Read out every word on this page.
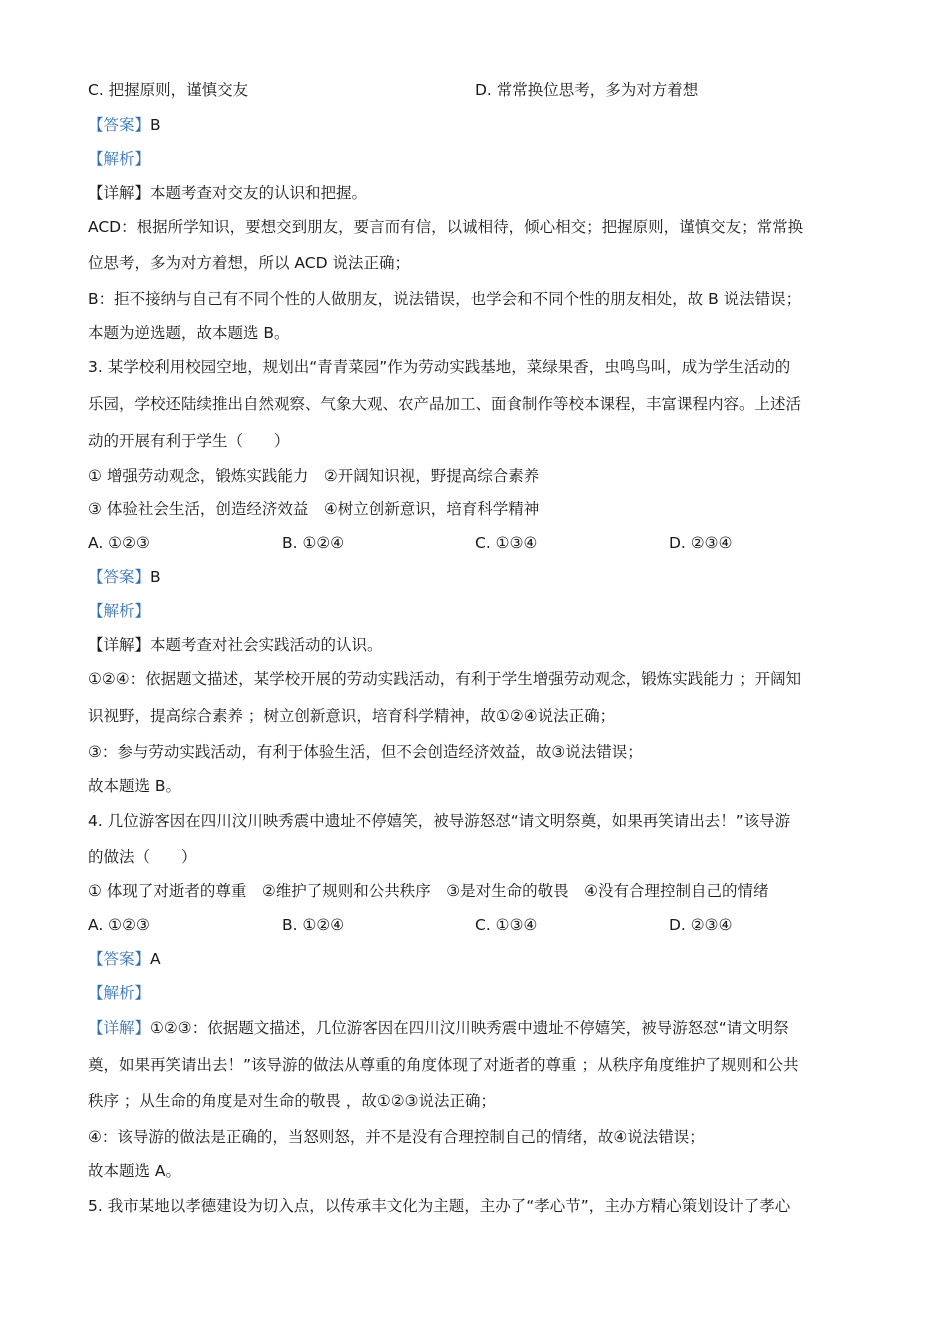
C. 把握原则，谨慎交友	D. 常常换位思考，多为对方着想
【答案】B
【解析】
【详解】本题考查对交友的认识和把握。
ACD：根据所学知识，要想交到朋友，要言而有信，以诚相待，倾心相交；把握原则，谨慎交友；常常换
位思考，多为对方着想，所以 ACD 说法正确；
B：拒不接纳与自己有不同个性的人做朋友，说法错误，也学会和不同个性的朋友相处，故 B 说法错误；
本题为逆选题，故本题选 B。
3. 某学校利用校园空地，规划出“青青菜园”作为劳动实践基地，菜绿果香，虫鸣鸟叫，成为学生活动的
乐园，学校还陆续推出自然观察、气象大观、农产品加工、面食制作等校本课程，丰富课程内容。上述活
动的开展有利于学生（　　）
① 增强劳动观念，锻炼实践能力　②开阔知识视，野提高综合素养
③ 体验社会生活，创造经济效益　④树立创新意识，培育科学精神
A. ①②③	B. ①②④	C. ①③④	D. ②③④
【答案】B
【解析】
【详解】本题考查对社会实践活动的认识。
①②④：依据题文描述，某学校开展的劳动实践活动，有利于学生增强劳动观念，锻炼实践能力 ；开阔知
识视野，提高综合素养 ；树立创新意识，培育科学精神，故①②④说法正确；
③：参与劳动实践活动，有利于体验生活，但不会创造经济效益，故③说法错误；
故本题选 B。
4. 几位游客因在四川汶川映秀震中遗址不停嬉笑，被导游怒怼“请文明祭奠，如果再笑请出去！”该导游
的做法（　　）
① 体现了对逝者的尊重　②维护了规则和公共秩序　③是对生命的敬畏　④没有合理控制自己的情绪
A. ①②③	B. ①②④	C. ①③④	D. ②③④
【答案】A
【解析】
【详解】①②③：依据题文描述，几位游客因在四川汶川映秀震中遗址不停嬉笑，被导游怒怼“请文明祭
奠，如果再笑请出去！”该导游的做法从尊重的角度体现了对逝者的尊重 ；从秩序角度维护了规则和公共
秩序 ；从生命的角度是对生命的敬畏 ，故①②③说法正确；
④：该导游的做法是正确的，当怒则怒，并不是没有合理控制自己的情绪，故④说法错误；
故本题选 A。
5. 我市某地以孝德建设为切入点，以传承丰文化为主题，主办了“孝心节”，主办方精心策划设计了孝心
